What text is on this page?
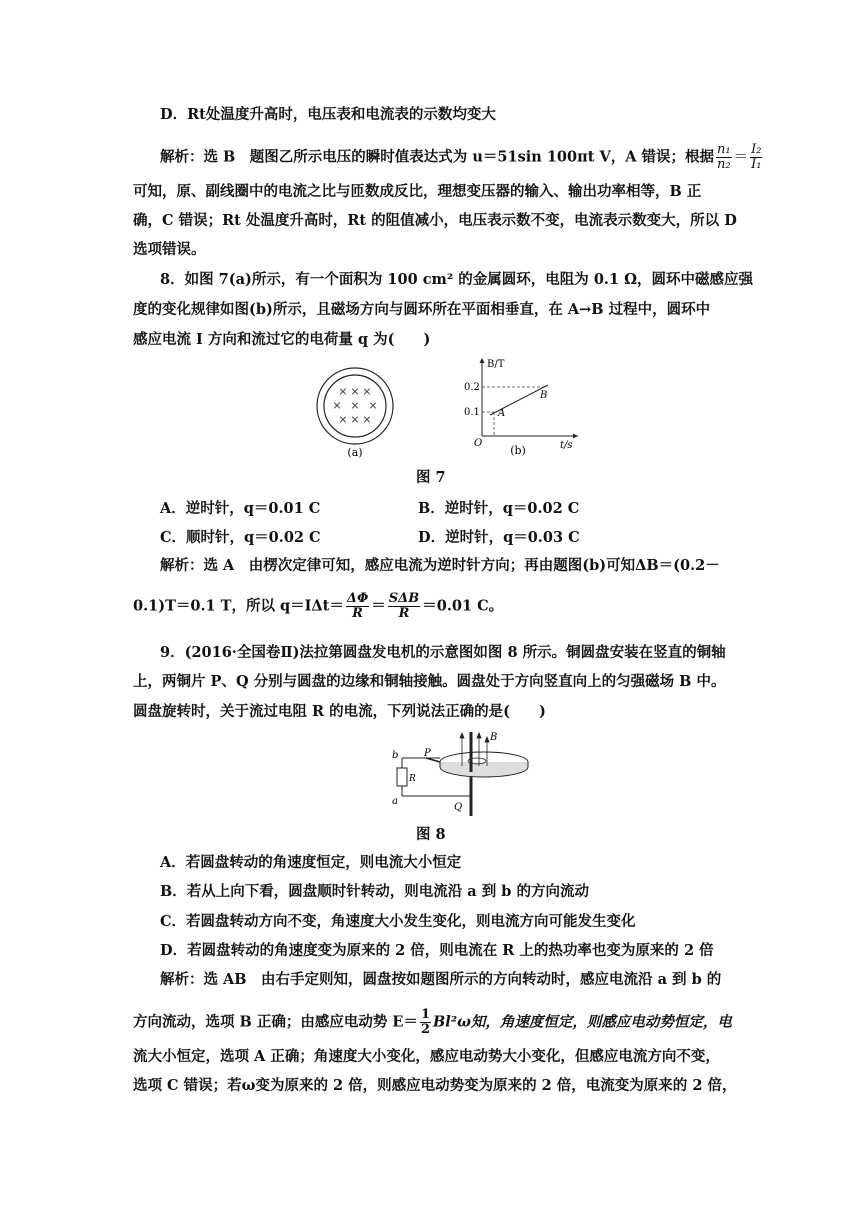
D．Rt处温度升高时，电压表和电流表的示数均变大
解析：选 B　题图乙所示电压的瞬时值表达式为 u＝51sin 100πt V，A 错误；根据 $\frac{\text{n₁}}{\text{n₂}} = \frac{\text{I₂}}{\text{I₁}}$
可知，原、副线圈中的电流之比与匝数成反比，理想变压器的输入、输出功率相等，B 正
确，C 错误；Rt 处温度升高时，Rt 的阻值减小，电压表示数不变，电流表示数变大，所以 D
选项错误。
8．如图 7(a)所示，有一个面积为 100 cm² 的金属圆环，电阻为 0.1 Ω，圆环中磁感应强
度的变化规律如图(b)所示，且磁场方向与圆环所在平面相垂直，在 A→B 过程中，圆环中
感应电流 I 方向和流过它的电荷量 q 为(　　)
× × ×
× × ×
× × ×
(a)
B/T
t/s
O
0.2
0.1 A
B
(b)
图 7
A．逆时针，q＝0.01 C	B．逆时针，q＝0.02 C
C．顺时针，q＝0.02 C	D．逆时针，q＝0.03 C
解析：选 A　由楞次定律可知，感应电流为逆时针方向；再由题图(b)可知ΔB＝(0.2－
0.1)T＝0.1 T，所以 $q=I\Delta t= \frac{\Delta\Phi}{R} = \frac{\text{SΔB}}{R} =0.01$ C。
9．(2016·全国卷Ⅱ)法拉第圆盘发电机的示意图如图 8 所示。铜圆盘安装在竖直的铜轴
上，两铜片 P、Q 分别与圆盘的边缘和铜轴接触。圆盘处于方向竖直向上的匀强磁场 B 中。
圆盘旋转时，关于流过电阻 R 的电流，下列说法正确的是(　　)
B
P
R
b
a
Q
图 8
A．若圆盘转动的角速度恒定，则电流大小恒定
B．若从上向下看，圆盘顺时针转动，则电流沿 a 到 b 的方向流动
C．若圆盘转动方向不变，角速度大小发生变化，则电流方向可能发生变化
D．若圆盘转动的角速度变为原来的 2 倍，则电流在 R 上的热功率也变为原来的 2 倍
解析：选 AB　由右手定则知，圆盘按如题图所示的方向转动时，感应电流沿 a 到 b 的
方向流动，选项 B 正确；由感应电动势 $E= \frac{1}{2} Bl^2\omega$知，角速度恒定，则感应电动势恒定，电
流大小恒定，选项 A 正确；角速度大小变化，感应电动势大小变化，但感应电流方向不变，
选项 C 错误；若ω变为原来的 2 倍，则感应电动势变为原来的 2 倍，电流变为原来的 2 倍，
